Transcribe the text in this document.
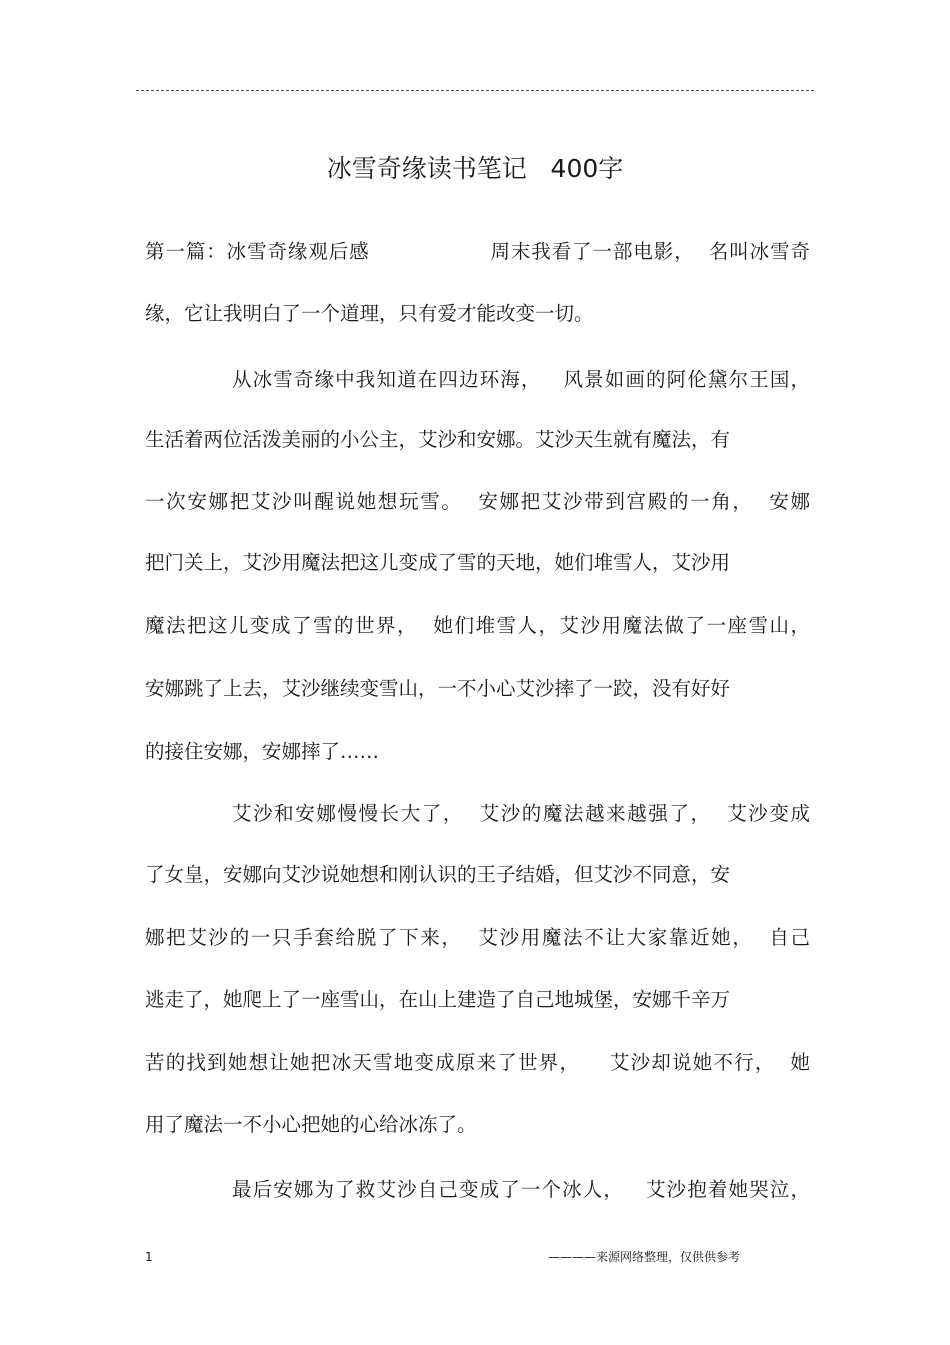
冰雪奇缘读书笔记   400字
第一篇：冰雪奇缘观后感                 周末我看了一部电影，  名叫冰雪奇
缘，它让我明白了一个道理，只有爱才能改变一切。
从冰雪奇缘中我知道在四边环海，   风景如画的阿伦黛尔王国，
生活着两位活泼美丽的小公主，艾沙和安娜。艾沙天生就有魔法，有
一次安娜把艾沙叫醒说她想玩雪。  安娜把艾沙带到宫殿的一角，  安娜
把门关上，艾沙用魔法把这儿变成了雪的天地，她们堆雪人，艾沙用
魔法把这儿变成了雪的世界，  她们堆雪人，艾沙用魔法做了一座雪山，
安娜跳了上去，艾沙继续变雪山，一不小心艾沙摔了一跤，没有好好
的接住安娜，安娜摔了……
艾沙和安娜慢慢长大了，  艾沙的魔法越来越强了，  艾沙变成
了女皇，安娜向艾沙说她想和刚认识的王子结婚，但艾沙不同意，安
娜把艾沙的一只手套给脱了下来，  艾沙用魔法不让大家靠近她，  自己
逃走了，她爬上了一座雪山，在山上建造了自己地城堡，安娜千辛万
苦的找到她想让她把冰天雪地变成原来了世界，    艾沙却说她不行，  她
用了魔法一不小心把她的心给冰冻了。
最后安娜为了救艾沙自己变成了一个冰人，   艾沙抱着她哭泣，
1	————来源网络整理，仅供供参考
